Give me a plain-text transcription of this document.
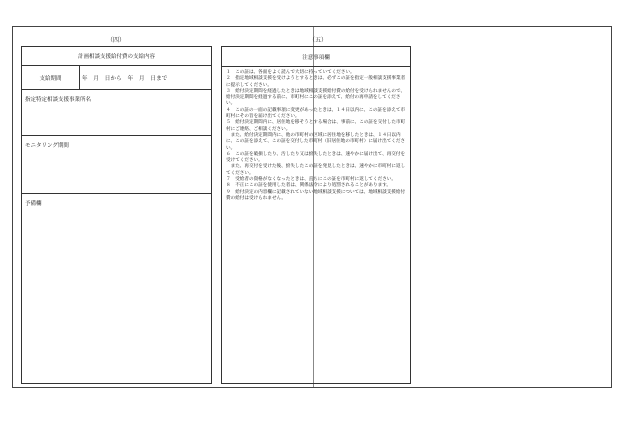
（四）	（五）
計画相談支援給付費の支給内容
支給期間	年　月　日から　年　月　日まで
指定特定相談支援事業所名
モニタリング期間
予備欄
注意事項欄

１　この証は、各面をよく読んで大切に持っていてください。

２　指定地域相談支援を受けようとするときは、必ずこの証を指定一般相談支援事業者に提示してください。

３　給付決定期間を経過したときは地域相談支援給付費の給付を受けられませんので、給付決定期間を経過する前に、市町村にこの証を添えて、給付の再申請をしてください。

４　この証の一面の記載事項に変更があったときは、１４日以内に、この証を添えて市町村にその旨を届け出てください。

５　給付決定期間内に、居住地を移そうとする場合は、事前に、この証を交付した市町村にご連絡、ご相談ください。

　また、給付決定期間内に、他の市町村の区域に居住地を移したときは、１４日以内に、この証を添えて、この証を交付した市町村（旧居住地の市町村）に届け出てください。

６　この証を破損したり、汚したり又は紛失したときは、速やかに届け出て、再交付を受けてください。

　また、再交付を受けた後、紛失したこの証を発見したときは、速やかに市町村に返してください。

７　受給者の資格がなくなったときは、直ちにこの証を市町村に返してください。

８　不正にこの証を使用した者は、関係法令により処罰されることがあります。

９　給付決定の内容欄に記載されていない地域相談支援については、地域相談支援給付費の給付は受けられません。
